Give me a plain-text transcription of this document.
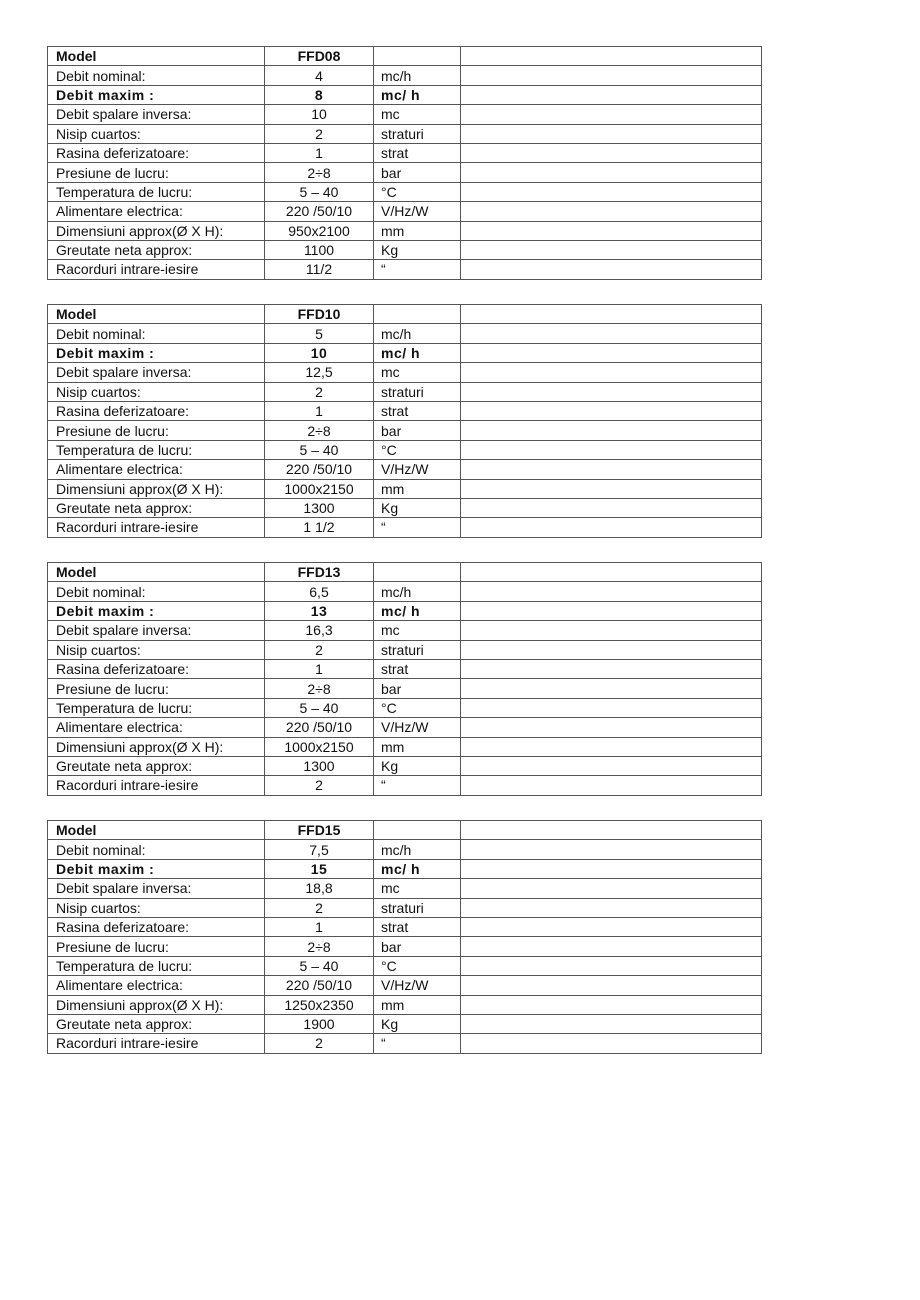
Model	FFD08		
Debit nominal:	4	mc/h	
Debit maxim :	8	mc/ h	
Debit spalare inversa:	10	mc	
Nisip cuartos:	2	straturi	
Rasina deferizatoare:	1	strat	
Presiune de lucru:	2÷8	bar	
Temperatura de lucru:	5 – 40	°C	
Alimentare electrica:	220 /50/10	V/Hz/W	
Dimensiuni approx(Ø X H):	950x2100	mm	
Greutate neta approx:	1100	Kg	
Racorduri intrare-iesire	11/2	“	
Model	FFD10		
Debit nominal:	5	mc/h	
Debit maxim :	10	mc/ h	
Debit spalare inversa:	12,5	mc	
Nisip cuartos:	2	straturi	
Rasina deferizatoare:	1	strat	
Presiune de lucru:	2÷8	bar	
Temperatura de lucru:	5 – 40	°C	
Alimentare electrica:	220 /50/10	V/Hz/W	
Dimensiuni approx(Ø X H):	1000x2150	mm	
Greutate neta approx:	1300	Kg	
Racorduri intrare-iesire	1 1/2	“	
Model	FFD13		
Debit nominal:	6,5	mc/h	
Debit maxim :	13	mc/ h	
Debit spalare inversa:	16,3	mc	
Nisip cuartos:	2	straturi	
Rasina deferizatoare:	1	strat	
Presiune de lucru:	2÷8	bar	
Temperatura de lucru:	5 – 40	°C	
Alimentare electrica:	220 /50/10	V/Hz/W	
Dimensiuni approx(Ø X H):	1000x2150	mm	
Greutate neta approx:	1300	Kg	
Racorduri intrare-iesire	2	“	
Model	FFD15		
Debit nominal:	7,5	mc/h	
Debit maxim :	15	mc/ h	
Debit spalare inversa:	18,8	mc	
Nisip cuartos:	2	straturi	
Rasina deferizatoare:	1	strat	
Presiune de lucru:	2÷8	bar	
Temperatura de lucru:	5 – 40	°C	
Alimentare electrica:	220 /50/10	V/Hz/W	
Dimensiuni approx(Ø X H):	1250x2350	mm	
Greutate neta approx:	1900	Kg	
Racorduri intrare-iesire	2	“	
